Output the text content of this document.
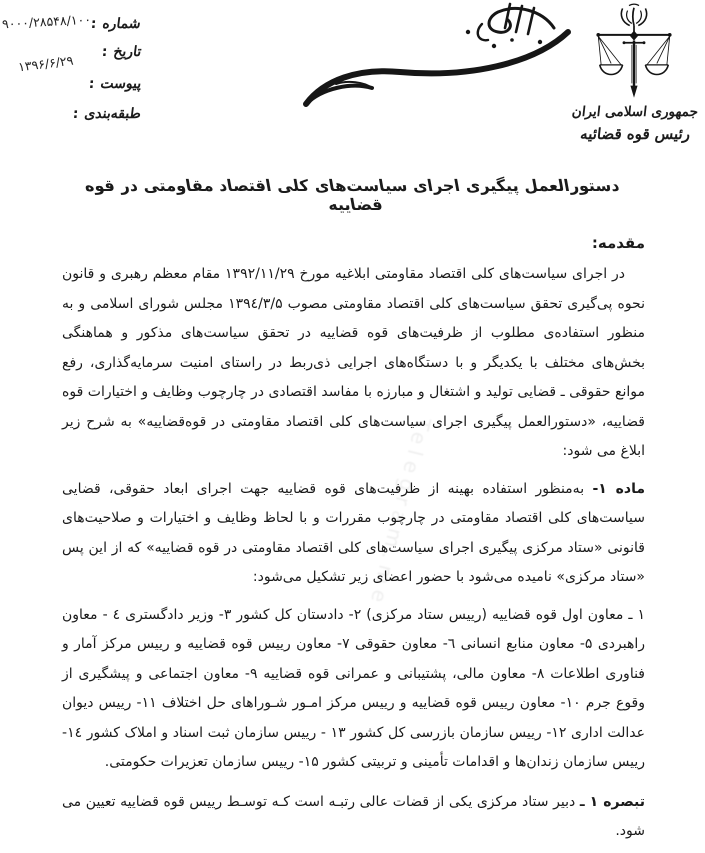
Telegram.me
شماره :
۹۰۰۰/۲۸۵۴۸/۱۰۰
تاریخ :
۱۳۹۶/۶/۲۹
پیوست :
طبقه‌بندی :	جمهوری اسلامی ایران
رئیس قوه قضائیه
دستورالعمل پیگیری اجرای سیاست‌های کلی اقتصاد مقاومتی در قوه قضاییه
مقدمه:

در اجرای سیاست‌های کلی اقتصاد مقاومتی ابلاغیه مورخ ۱۳۹۲/۱۱/۲۹ مقام معظم رهبری و قانون نحوه پی‌گیری تحقق سیاست‌های کلی اقتصاد مقاومتی مصوب ۱۳۹٤/۳/۵ مجلس شورای اسلامی و به منظور استفاده‌ی مطلوب از ظرفیت‌های قوه قضاییه در تحقق سیاست‌های مذکور و هماهنگی بخش‌های مختلف با یکدیگر و با دستگاه‌های اجرایی ذی‌ربط در راستای امنیت سرمایه‌گذاری، رفع موانع حقوقی ـ قضایی تولید و اشتغال و مبارزه با مفاسد اقتصادی در چارچوب وظایف و اختیارات قوه قضاییه، «دستورالعمل پیگیری اجرای سیاست‌های کلی اقتصاد مقاومتی در قوه‌قضاییه» به شرح زیر ابلاغ می شود:

ماده ۱- به‌منظور استفاده بهینه از ظرفیت‌های قوه قضاییه جهت اجرای ابعاد حقوقی، قضایی سیاست‌های کلی اقتصاد مقاومتی در چارچوب مقررات و با لحاظ وظایف و اختیارات و صلاحیت‌های قانونی «ستاد مرکزی پیگیری اجرای سیاست‌های کلی اقتصاد مقاومتی در قوه قضاییه» که از این پس «ستاد مرکزی» نامیده می‌شود با حضور اعضای زیر تشکیل می‌شود:

۱ ـ معاون اول قوه قضاییه (رییس ستاد مرکزی) ۲- دادستان کل کشور ۳- وزیر دادگستری ٤ - معاون راهبردی ۵- معاون منابع انسانی ٦- معاون حقوقی ۷- معاون رییس قوه قضاییه و رییس مرکز آمار و فناوری اطلاعات ۸- معاون مالی، پشتیبانی و عمرانی قوه قضاییه ۹- معاون اجتماعی و پیشگیری از وقوع جرم ۱۰- معاون رییس قوه قضاییه و رییس مرکز امـور شـوراهای حل اختلاف ۱۱- رییس دیوان عدالت اداری ۱۲- رییس سازمان بازرسی کل کشور ۱۳ - رییس سازمان ثبت اسناد و املاک کشور ۱٤- رییس سازمان زندان‌ها و اقدامات تأمینی و تربیتی کشور ۱۵- رییس سازمان تعزیرات حکومتی.

تبصره ۱ ـ دبیر ستاد مرکزی یکی از قضات عالی رتبـه است کـه توسـط رییس قوه قضاییه تعیین می شود.
